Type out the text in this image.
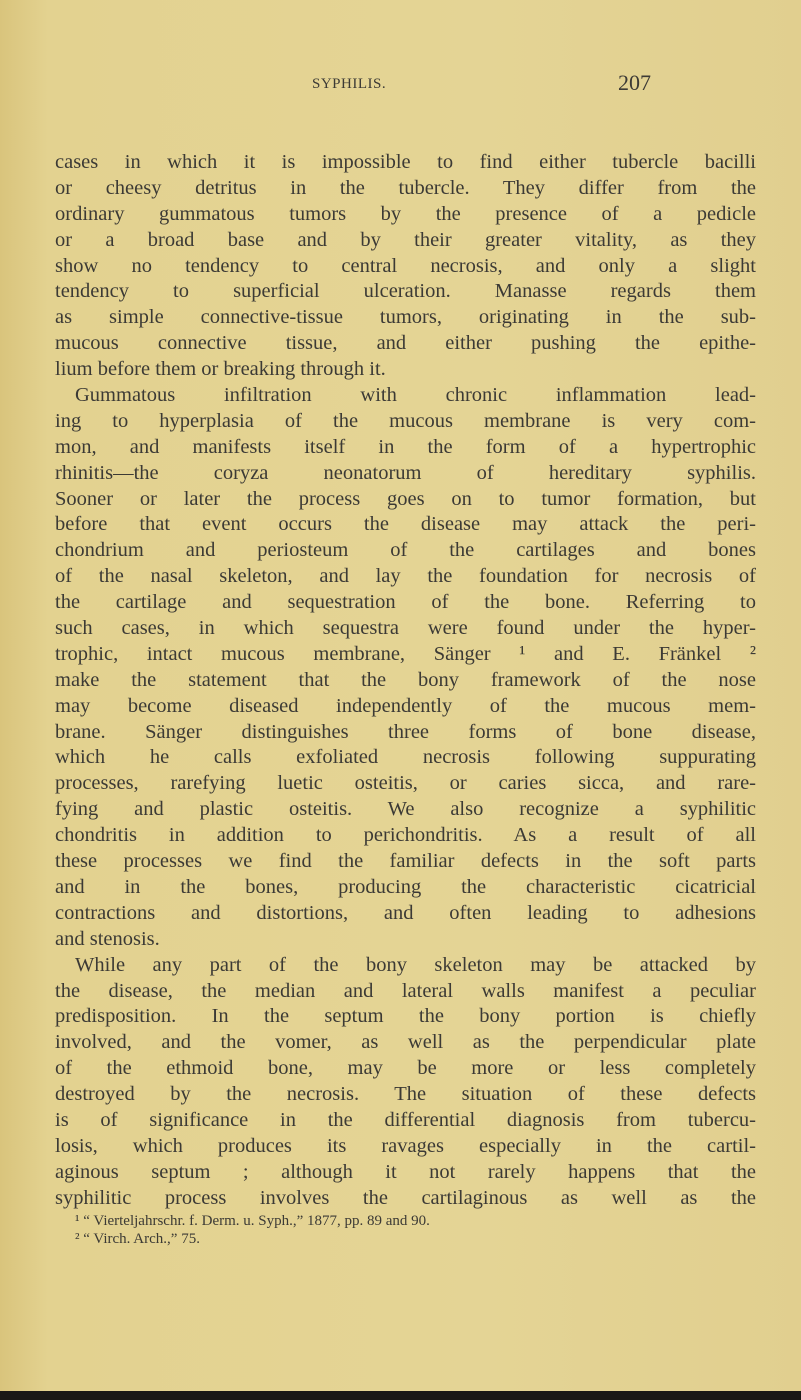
SYPHILIS.	207
cases in which it is impossible to find either tubercle bacilli
or cheesy detritus in the tubercle. They differ from the
ordinary gummatous tumors by the presence of a pedicle
or a broad base and by their greater vitality, as they
show no tendency to central necrosis, and only a slight
tendency to superficial ulceration. Manasse regards them
as simple connective-tissue tumors, originating in the sub-
mucous connective tissue, and either pushing the epithe-
lium before them or breaking through it.
Gummatous infiltration with chronic inflammation lead-
ing to hyperplasia of the mucous membrane is very com-
mon, and manifests itself in the form of a hypertrophic
rhinitis—the coryza neonatorum of hereditary syphilis.
Sooner or later the process goes on to tumor formation, but
before that event occurs the disease may attack the peri-
chondrium and periosteum of the cartilages and bones
of the nasal skeleton, and lay the foundation for necrosis of
the cartilage and sequestration of the bone. Referring to
such cases, in which sequestra were found under the hyper-
trophic, intact mucous membrane, Sänger ¹ and E. Fränkel ²
make the statement that the bony framework of the nose
may become diseased independently of the mucous mem-
brane. Sänger distinguishes three forms of bone disease,
which he calls exfoliated necrosis following suppurating
processes, rarefying luetic osteitis, or caries sicca, and rare-
fying and plastic osteitis. We also recognize a syphilitic
chondritis in addition to perichondritis. As a result of all
these processes we find the familiar defects in the soft parts
and in the bones, producing the characteristic cicatricial
contractions and distortions, and often leading to adhesions
and stenosis.
While any part of the bony skeleton may be attacked by
the disease, the median and lateral walls manifest a peculiar
predisposition. In the septum the bony portion is chiefly
involved, and the vomer, as well as the perpendicular plate
of the ethmoid bone, may be more or less completely
destroyed by the necrosis. The situation of these defects
is of significance in the differential diagnosis from tubercu-
losis, which produces its ravages especially in the cartil-
aginous septum ; although it not rarely happens that the
syphilitic process involves the cartilaginous as well as the
¹ “ Vierteljahrschr. f. Derm. u. Syph.,” 1877, pp. 89 and 90.
² “ Virch. Arch.,” 75.
